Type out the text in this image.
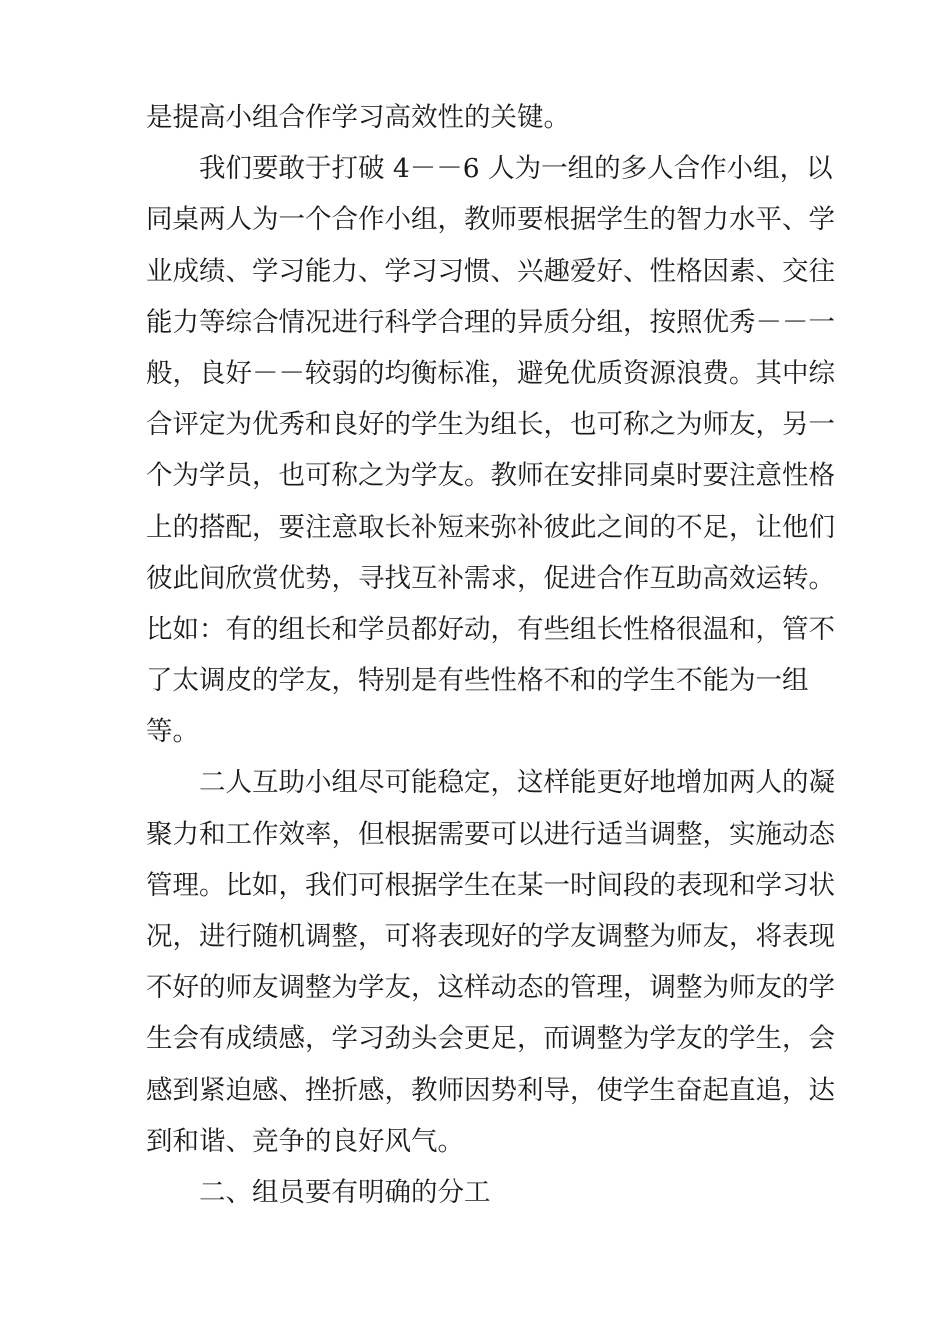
是提高小组合作学习高效性的关键。
我们要敢于打破 4－－6 人为一组的多人合作小组，以
同桌两人为一个合作小组，教师要根据学生的智力水平、学
业成绩、学习能力、学习习惯、兴趣爱好、性格因素、交往
能力等综合情况进行科学合理的异质分组，按照优秀－－一
般，良好－－较弱的均衡标准，避免优质资源浪费。其中综
合评定为优秀和良好的学生为组长，也可称之为师友，另一
个为学员，也可称之为学友。教师在安排同桌时要注意性格
上的搭配，要注意取长补短来弥补彼此之间的不足，让他们
彼此间欣赏优势，寻找互补需求，促进合作互助高效运转。
比如：有的组长和学员都好动，有些组长性格很温和，管不
了太调皮的学友，特别是有些性格不和的学生不能为一组
等。
二人互助小组尽可能稳定，这样能更好地增加两人的凝
聚力和工作效率，但根据需要可以进行适当调整，实施动态
管理。比如，我们可根据学生在某一时间段的表现和学习状
况，进行随机调整，可将表现好的学友调整为师友，将表现
不好的师友调整为学友，这样动态的管理，调整为师友的学
生会有成绩感，学习劲头会更足，而调整为学友的学生，会
感到紧迫感、挫折感，教师因势利导，使学生奋起直追，达
到和谐、竞争的良好风气。
二、组员要有明确的分工
